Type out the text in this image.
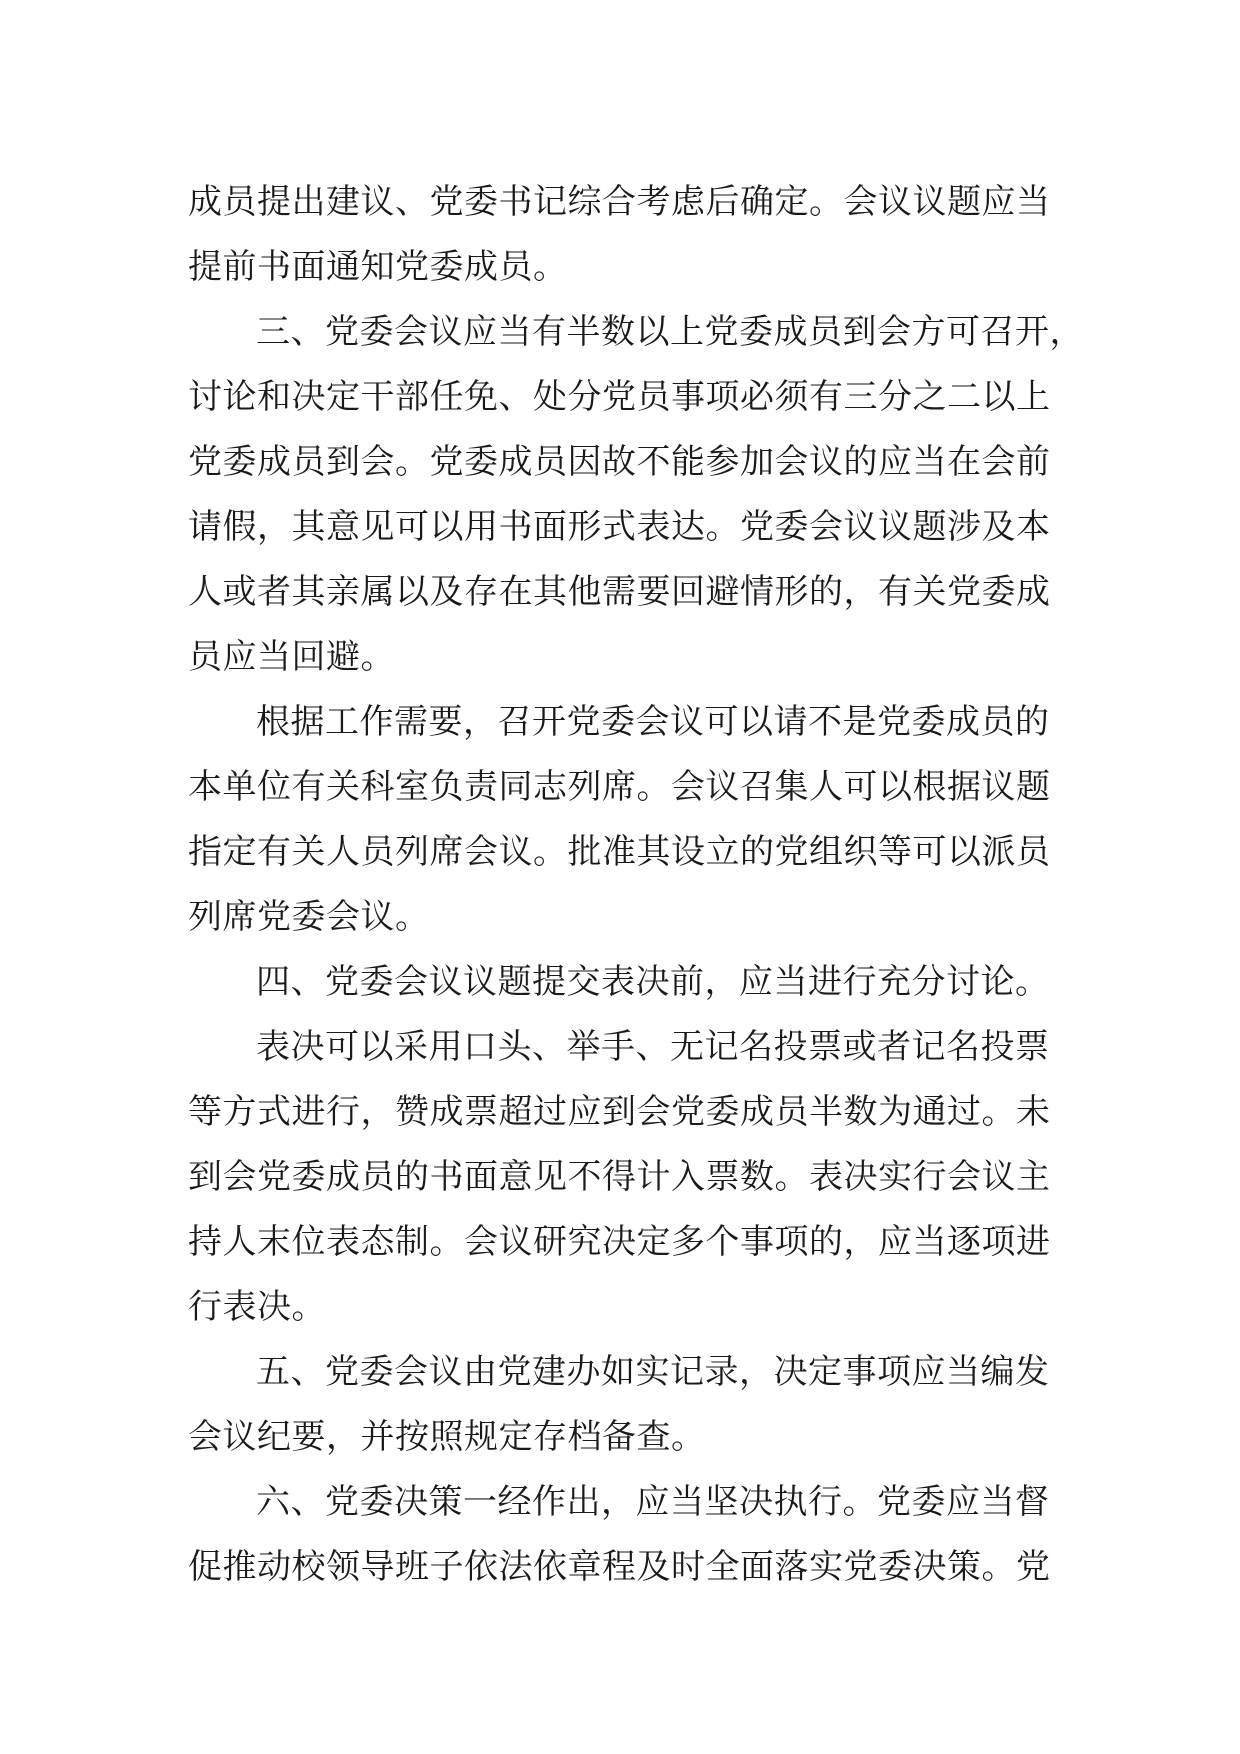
成员提出建议、党委书记综合考虑后确定。会议议题应当
提前书面通知党委成员。
三、党委会议应当有半数以上党委成员到会方可召开，
讨论和决定干部任免、处分党员事项必须有三分之二以上
党委成员到会。党委成员因故不能参加会议的应当在会前
请假，其意见可以用书面形式表达。党委会议议题涉及本
人或者其亲属以及存在其他需要回避情形的，有关党委成
员应当回避。
根据工作需要，召开党委会议可以请不是党委成员的
本单位有关科室负责同志列席。会议召集人可以根据议题
指定有关人员列席会议。批准其设立的党组织等可以派员
列席党委会议。
四、党委会议议题提交表决前，应当进行充分讨论。
表决可以采用口头、举手、无记名投票或者记名投票
等方式进行，赞成票超过应到会党委成员半数为通过。未
到会党委成员的书面意见不得计入票数。表决实行会议主
持人末位表态制。会议研究决定多个事项的，应当逐项进
行表决。
五、党委会议由党建办如实记录，决定事项应当编发
会议纪要，并按照规定存档备查。
六、党委决策一经作出，应当坚决执行。党委应当督
促推动校领导班子依法依章程及时全面落实党委决策。党
